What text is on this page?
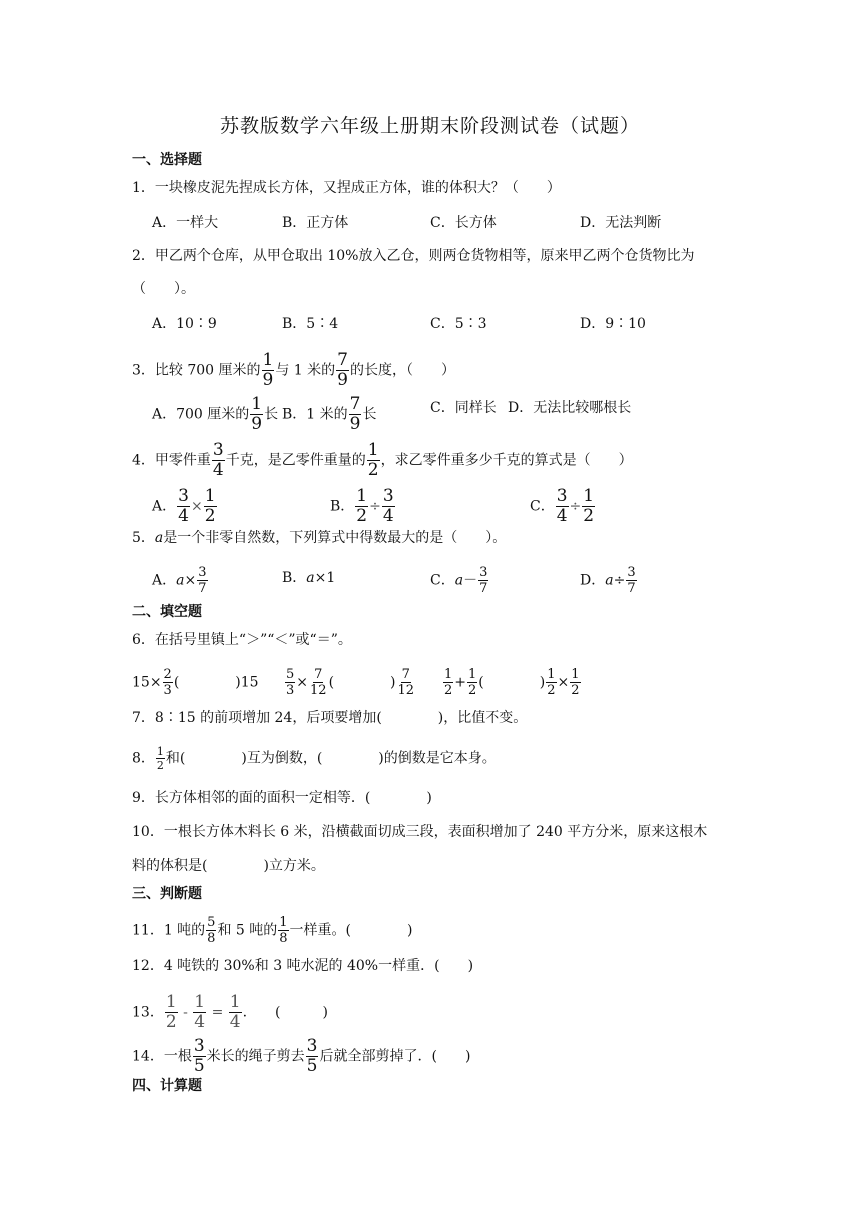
苏教版数学六年级上册期末阶段测试卷（试题）
一、选择题
1．一块橡皮泥先捏成长方体，又捏成正方体，谁的体积大？（　　）
A．一样大	B．正方体	C．长方体	D．无法判断
2．甲乙两个仓库，从甲仓取出 10%放入乙仓，则两仓货物相等，原来甲乙两个仓货物比为
（　　）。
A．10∶9	B．5∶4	C．5∶3	D．9∶10
3．比较 700 厘米的 $\frac{1}{9}$ 与 1 米的 $\frac{7}{9}$ 的长度，（　　）
A．700 厘米的 $\frac{1}{9}$ 长 B．1 米的 $\frac{7}{9}$ 长	C．同样长 D．无法比较哪根长
4．甲零件重 $\frac{3}{4}$ 千克，是乙零件重量的 $\frac{1}{2}$ ，求乙零件重多少千克的算式是（　　）
A． $\frac{3}{4} \times \frac{1}{2}$	B． $\frac{1}{2} \div \frac{3}{4}$	C． $\frac{3}{4} \div \frac{1}{2}$
5．a是一个非零自然数，下列算式中得数最大的是（　　）。
A．$a\times \frac{3}{7}$	B．a×1	C．$a- \frac{3}{7}$	D．$a\div \frac{3}{7}$
二、填空题
6．在括号里镇上“＞”“＜”或“＝”。
$15\times \frac{2}{3}$ (　　　　)$15 \frac{5}{3} \times \frac{7}{12}$ (　　　　) $\frac{7}{12} \frac{1}{2} + \frac{1}{2}$ (　　　　) $\frac{1}{2} \times \frac{1}{2}$
7．8∶15 的前项增加 24，后项要增加(　　　　)，比值不变。
8． $\frac{1}{2}$ 和(　　　　)互为倒数，(　　　　)的倒数是它本身。
9．长方体相邻的面的面积一定相等．(　　　　)
10．一根长方体木料长 6 米，沿横截面切成三段，表面积增加了 240 平方分米，原来这根木
料的体积是(　　　　)立方米。
三、判断题
11．1 吨的 $\frac{5}{8}$ 和 5 吨的 $\frac{1}{8}$ 一样重。(　　　　)
12．4 吨铁的 30%和 3 吨水泥的 40%一样重．(　　)
13． $\frac{1}{2} - \frac{1}{4} = \frac{1}{4}$ .　　(　　　)
14．一根 $\frac{3}{5}$ 米长的绳子剪去 $\frac{3}{5}$ 后就全部剪掉了．(　　)
四、计算题
